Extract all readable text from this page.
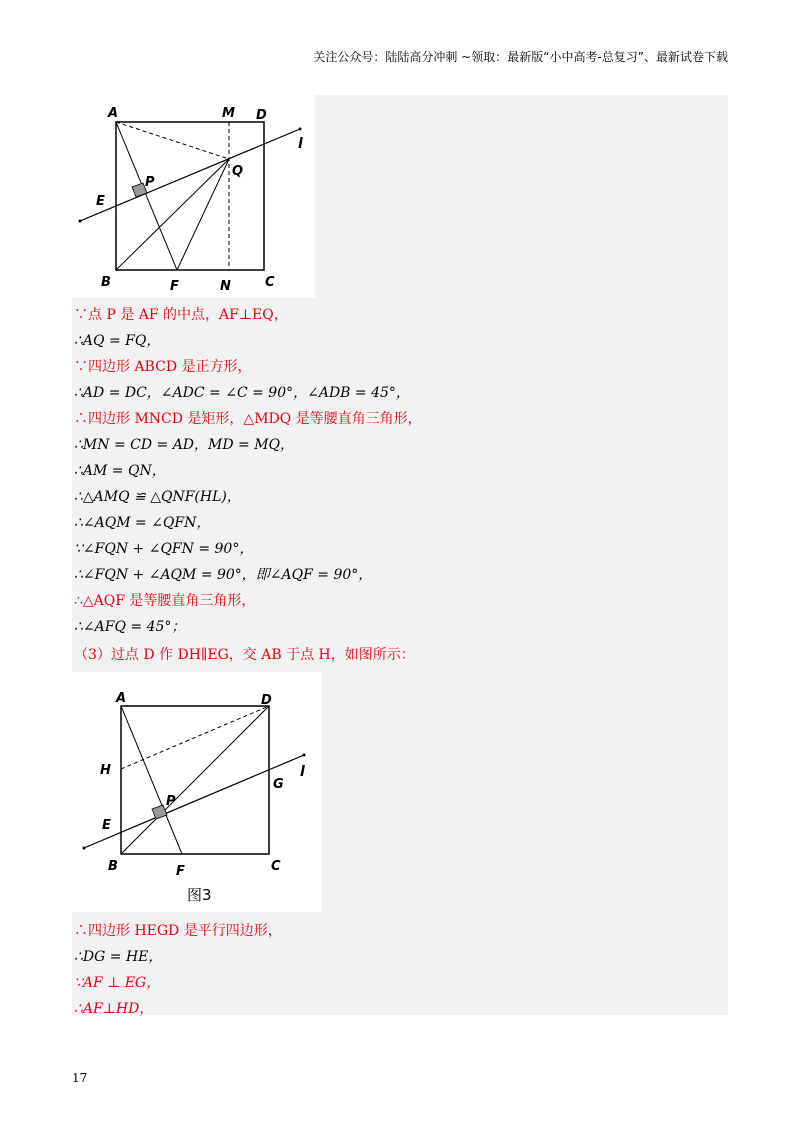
关注公众号：陆陆高分冲刺 ~领取：最新版“小中高考-总复习”、最新试卷下载
A	M D
l
Q
P
E
B	F	N	C
∵点 P 是 AF 的中点，AF⊥EQ，
∴AQ = FQ，
∵四边形 ABCD 是正方形，
∴AD = DC，∠ADC = ∠C = 90°，∠ADB = 45°，
∴四边形 MNCD 是矩形，△MDQ 是等腰直角三角形，
∴MN = CD = AD，MD = MQ，
∴AM = QN，
∴△AMQ ≌ △QNF(HL)，
∴∠AQM = ∠QFN，
∵∠FQN + ∠QFN = 90°，
∴∠FQN + ∠AQM = 90°，即∠AQF = 90°，
∴△AQF 是等腰直角三角形，
∴∠AFQ = 45°；
（3）过点 D 作 DH∥EG，交 AB 于点 H，如图所示：
A	D
H	l
G
P
E
B	F	C
图3
∴四边形 HEGD 是平行四边形，
∴DG = HE，
∵AF ⊥ EG，
∴AF⊥HD，
17
